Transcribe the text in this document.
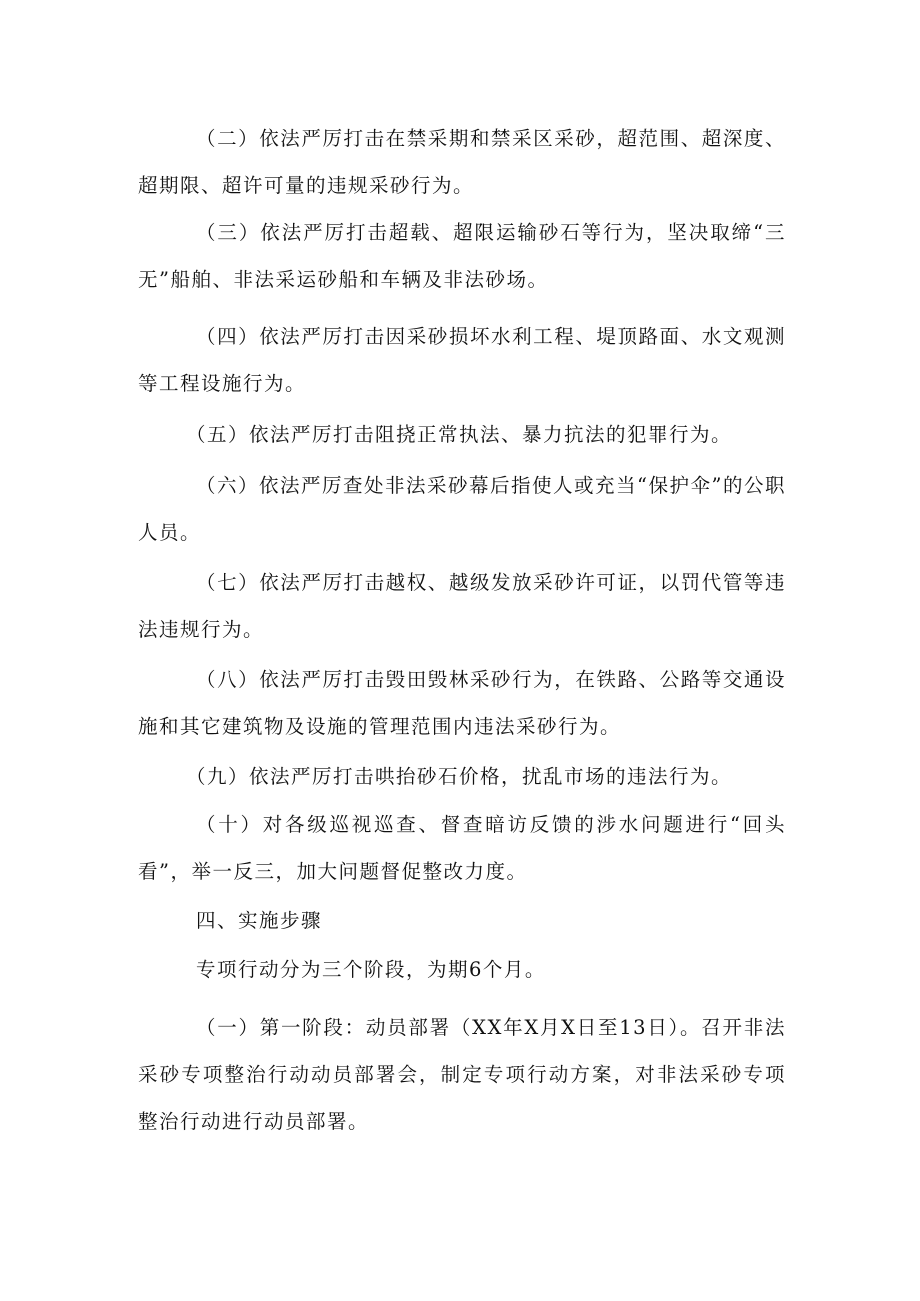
（二）依法严厉打击在禁采期和禁采区采砂，超范围、超深度、超期限、超许可量的违规采砂行为。

（三）依法严厉打击超载、超限运输砂石等行为，坚决取缔“三无”船舶、非法采运砂船和车辆及非法砂场。

（四）依法严厉打击因采砂损坏水利工程、堤顶路面、水文观测等工程设施行为。

（五）依法严厉打击阻挠正常执法、暴力抗法的犯罪行为。

（六）依法严厉查处非法采砂幕后指使人或充当“保护伞”的公职人员。

（七）依法严厉打击越权、越级发放采砂许可证，以罚代管等违法违规行为。

（八）依法严厉打击毁田毁林采砂行为，在铁路、公路等交通设施和其它建筑物及设施的管理范围内违法采砂行为。

（九）依法严厉打击哄抬砂石价格，扰乱市场的违法行为。

（十）对各级巡视巡查、督查暗访反馈的涉水问题进行“回头看”，举一反三，加大问题督促整改力度。

四、实施步骤

专项行动分为三个阶段，为期6个月。

（一）第一阶段：动员部署（XX年X月X日至13日）。召开非法采砂专项整治行动动员部署会，制定专项行动方案，对非法采砂专项整治行动进行动员部署。
